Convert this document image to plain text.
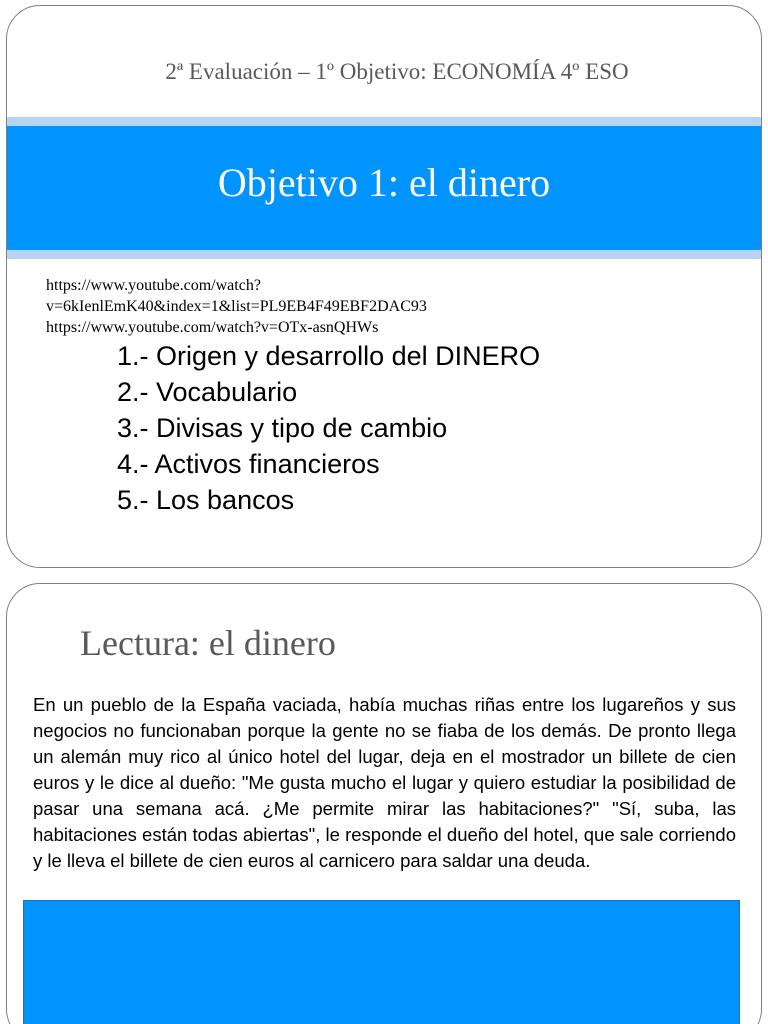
2ª Evaluación – 1º Objetivo: ECONOMÍA 4º ESO
Objetivo 1: el dinero
https://www.youtube.com/watch?
v=6kIenlEmK40&index=1&list=PL9EB4F49EBF2DAC93
https://www.youtube.com/watch?v=OTx-asnQHWs
1.- Origen y desarrollo del DINERO
2.- Vocabulario
3.- Divisas y tipo de cambio
4.- Activos financieros
5.- Los bancos
Lectura: el dinero

En un pueblo de la España vaciada, había muchas riñas entre los lugareños y sus negocios no funcionaban porque la gente no se fiaba de los demás. De pronto llega un alemán muy rico al único hotel del lugar, deja en el mostrador un billete de cien euros y le dice al dueño: "Me gusta mucho el lugar y quiero estudiar la posibilidad de pasar una semana acá. ¿Me permite mirar las habitaciones?" "Sí, suba, las habitaciones están todas abiertas", le responde el dueño del hotel, que sale corriendo y le lleva el billete de cien euros al carnicero para saldar una deuda.
